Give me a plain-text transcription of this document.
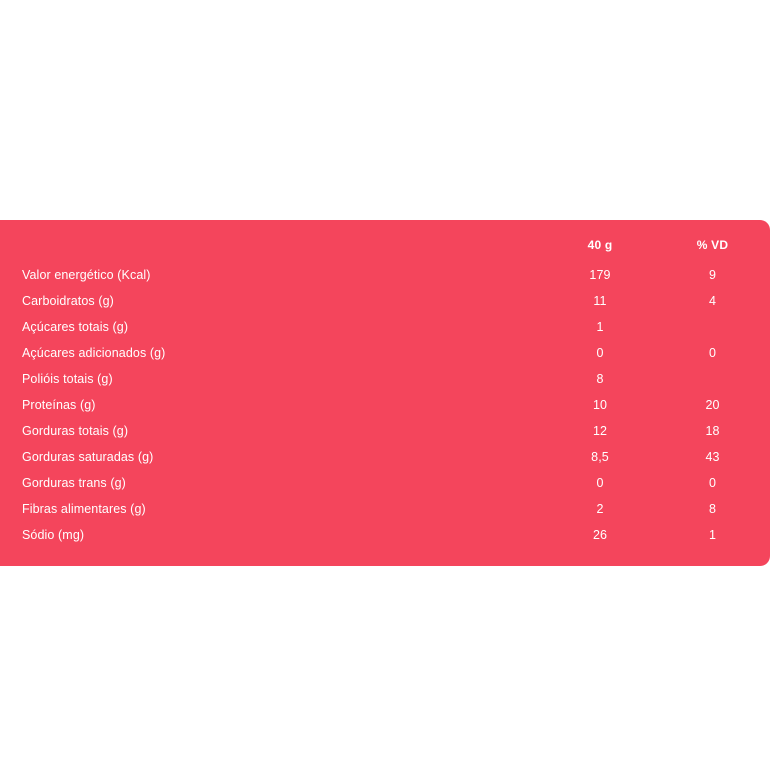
	40 g	% VD
Valor energético (Kcal)	179	9
Carboidratos (g)	11	4
Açúcares totais (g)	1	
Açúcares adicionados (g)	0	0
Polióis totais (g)	8	
Proteínas (g)	10	20
Gorduras totais (g)	12	18
Gorduras saturadas (g)	8,5	43
Gorduras trans (g)	0	0
Fibras alimentares (g)	2	8
Sódio (mg)	26	1
